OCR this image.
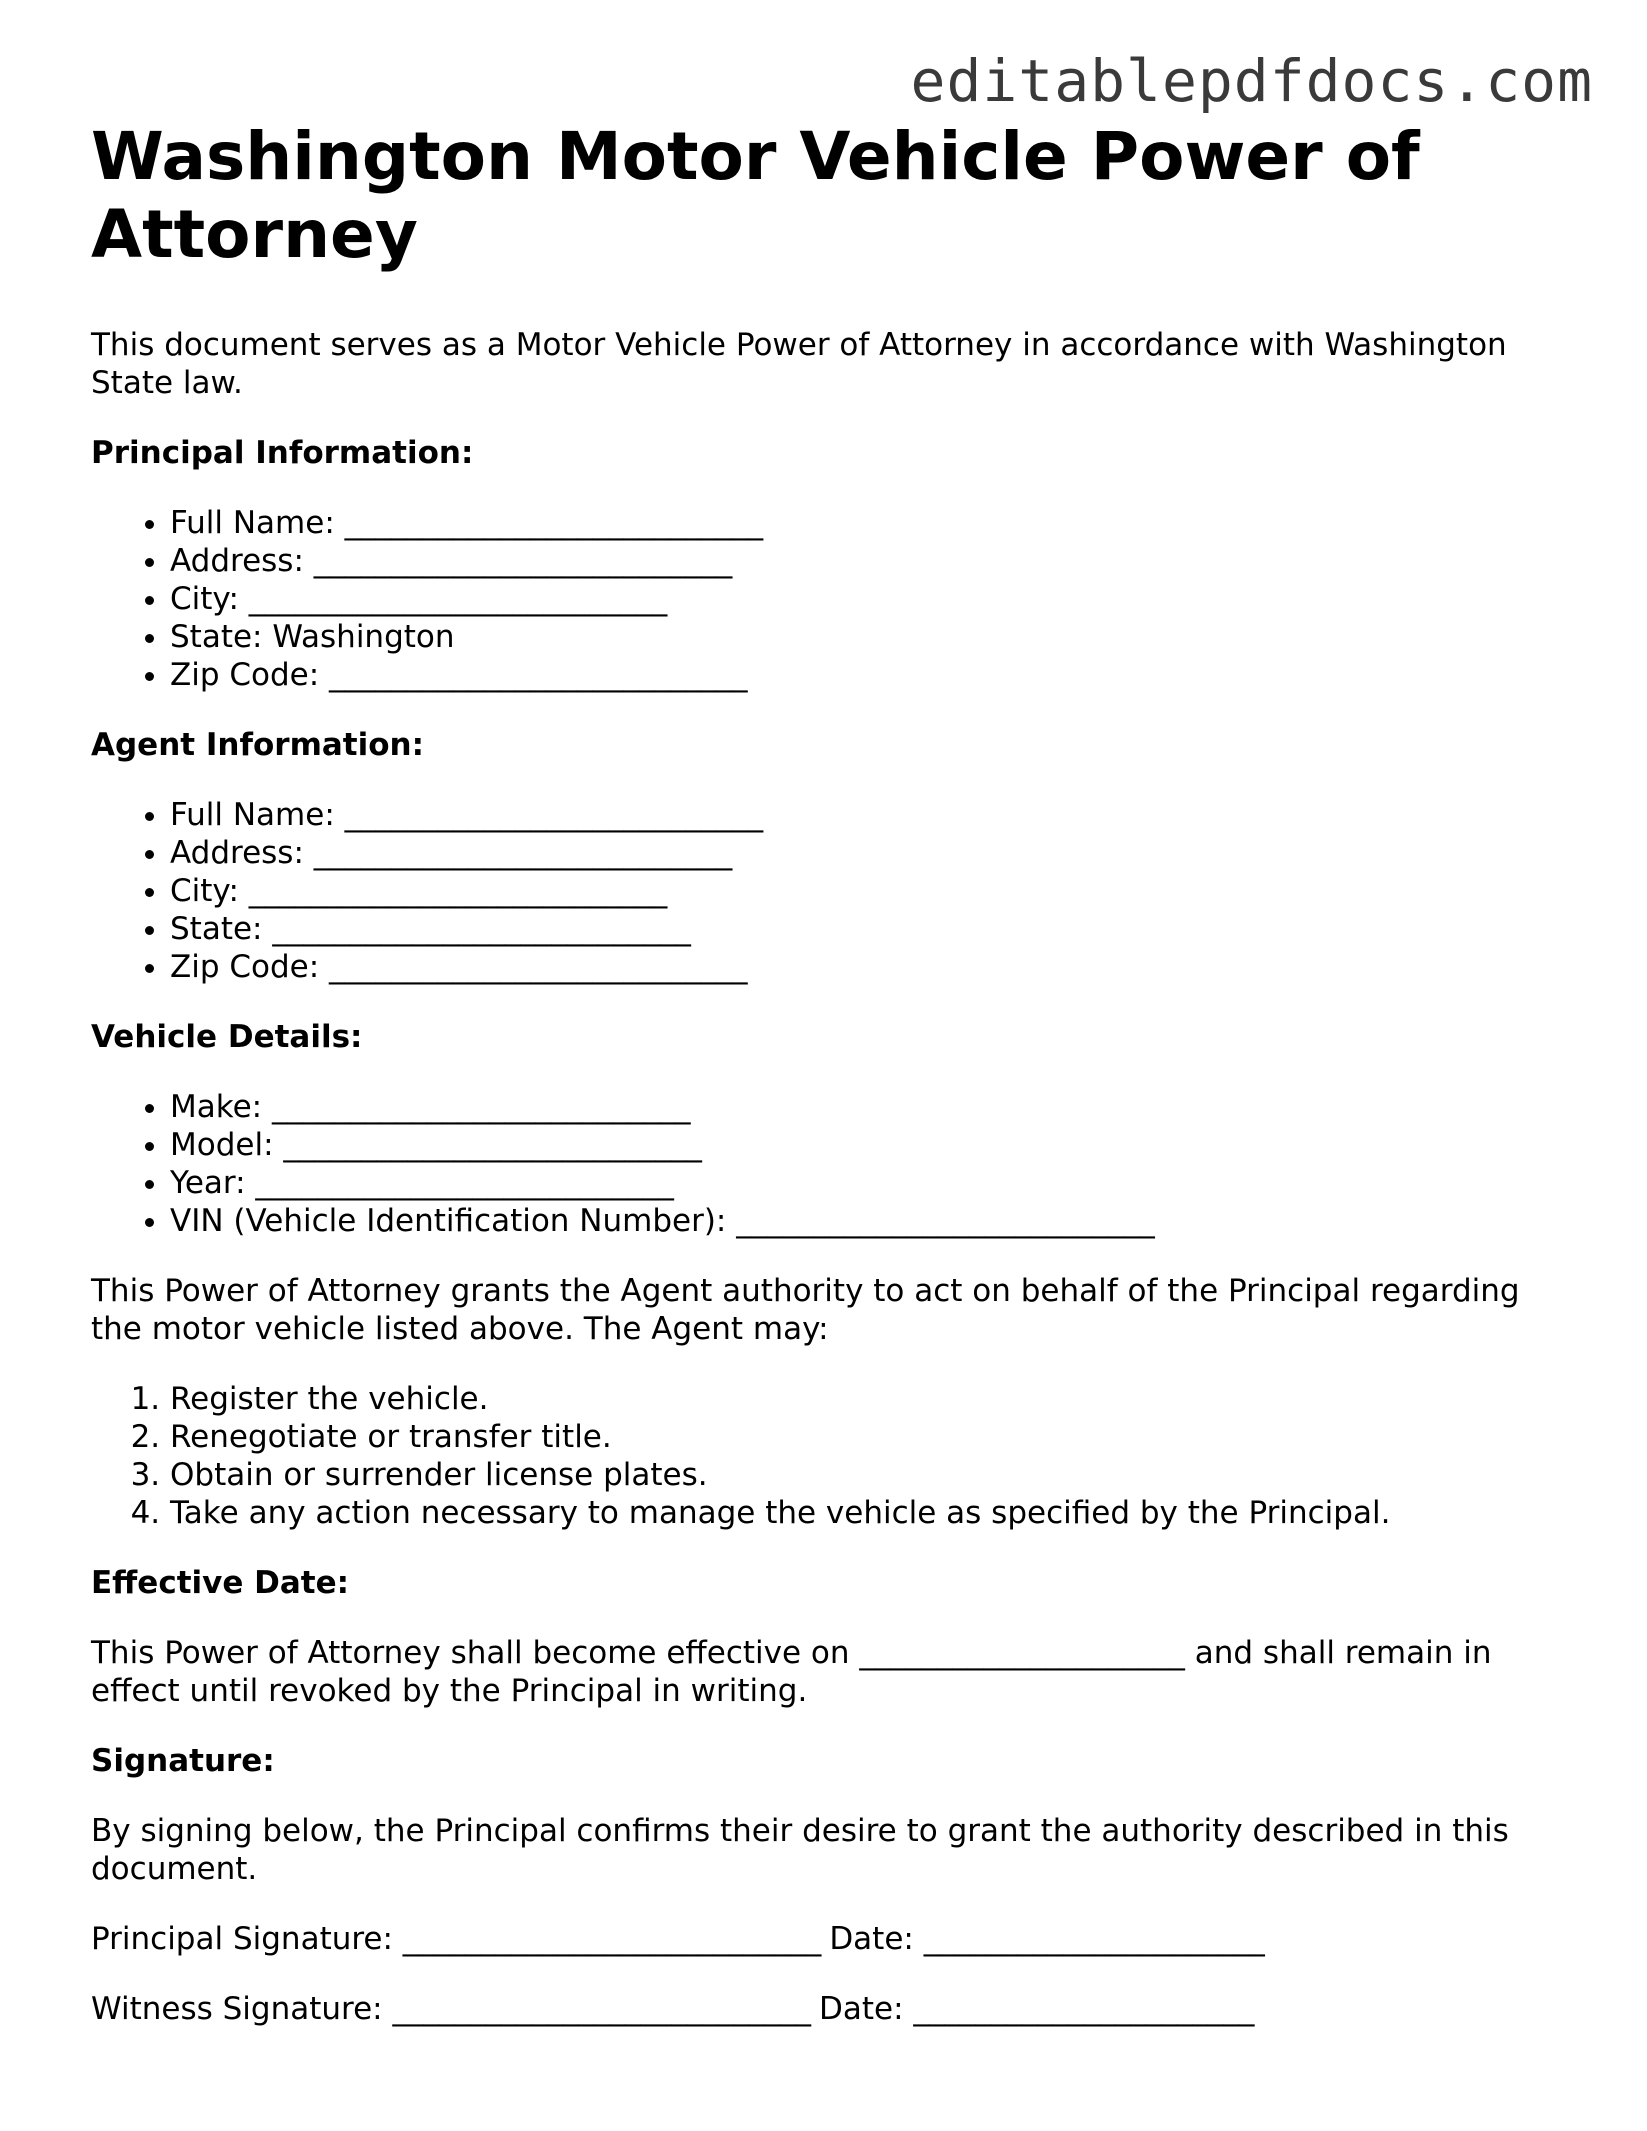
editablepdfdocs.com
Washington Motor Vehicle Power of Attorney

This document serves as a Motor Vehicle Power of Attorney in accordance with Washington State law.

Principal Information:
• Full Name: ___________________________
• Address: ___________________________
• City: ___________________________
• State: Washington
• Zip Code: ___________________________
Agent Information:
• Full Name: ___________________________
• Address: ___________________________
• City: ___________________________
• State: ___________________________
• Zip Code: ___________________________
Vehicle Details:
• Make: ___________________________
• Model: ___________________________
• Year: ___________________________
• VIN (Vehicle Identification Number): ___________________________

This Power of Attorney grants the Agent authority to act on behalf of the Principal regarding the motor vehicle listed above. The Agent may:

1. Register the vehicle.
2. Renegotiate or transfer title.
3. Obtain or surrender license plates.
4. Take any action necessary to manage the vehicle as specified by the Principal.
Effective Date:

This Power of Attorney shall become effective on _____________________ and shall remain in effect until revoked by the Principal in writing.

Signature:

By signing below, the Principal confirms their desire to grant the authority described in this document.

Principal Signature: ___________________________ Date: ______________________
Witness Signature: ___________________________ Date: ______________________
